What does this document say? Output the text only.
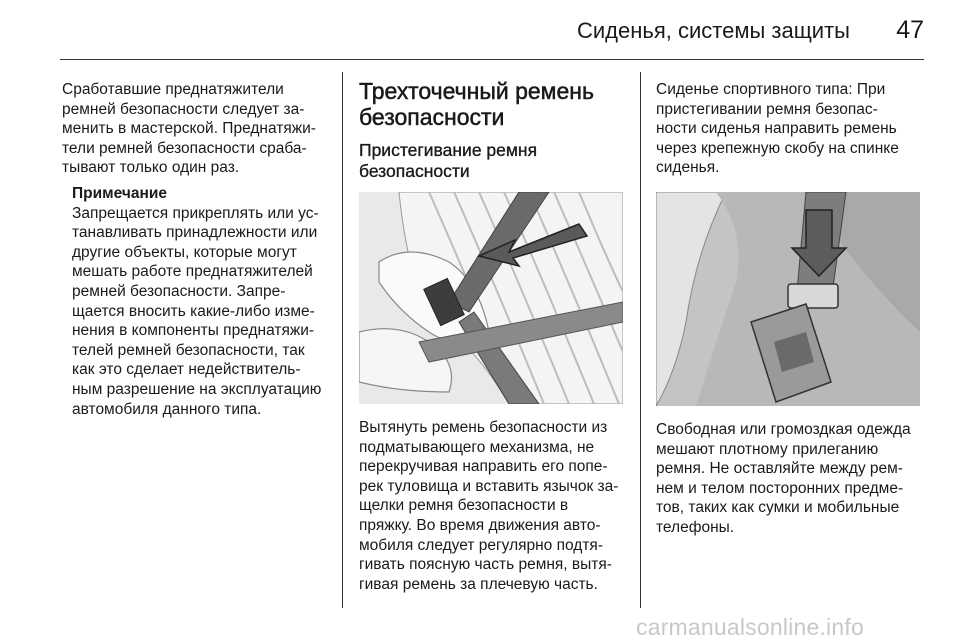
Сиденья, системы защиты	47

Сработавшие преднатяжители

ремней безопасности следует за-

менить в мастерской. Преднатяжи-

тели ремней безопасности сраба-

тывают только один раз.

Примечание

Запрещается прикреплять или ус-

танавливать принадлежности или

другие объекты, которые могут

мешать работе преднатяжителей

ремней безопасности. Запре-

щается вносить какие-либо изме-

нения в компоненты преднатяжи-

телей ремней безопасности, так

как это сделает недействитель-

ным разрешение на эксплуатацию

автомобиля данного типа.

Трехточечный ремень
безопасности
Пристегивание ремня
безопасности

Вытянуть ремень безопасности из

подматывающего механизма, не

перекручивая направить его попе-

рек туловища и вставить язычок за-

щелки ремня безопасности в

пряжку. Во время движения авто-

мобиля следует регулярно подтя-

гивать поясную часть ремня, вытя-

гивая ремень за плечевую часть.

Сиденье спортивного типа: При

пристегивании ремня безопас-

ности сиденья направить ремень

через крепежную скобу на спинке

сиденья.

Свободная или громоздкая одежда

мешают плотному прилеганию

ремня. Не оставляйте между рем-

нем и телом посторонних предме-

тов, таких как сумки и мобильные

телефоны.

carmanualsonline.info
